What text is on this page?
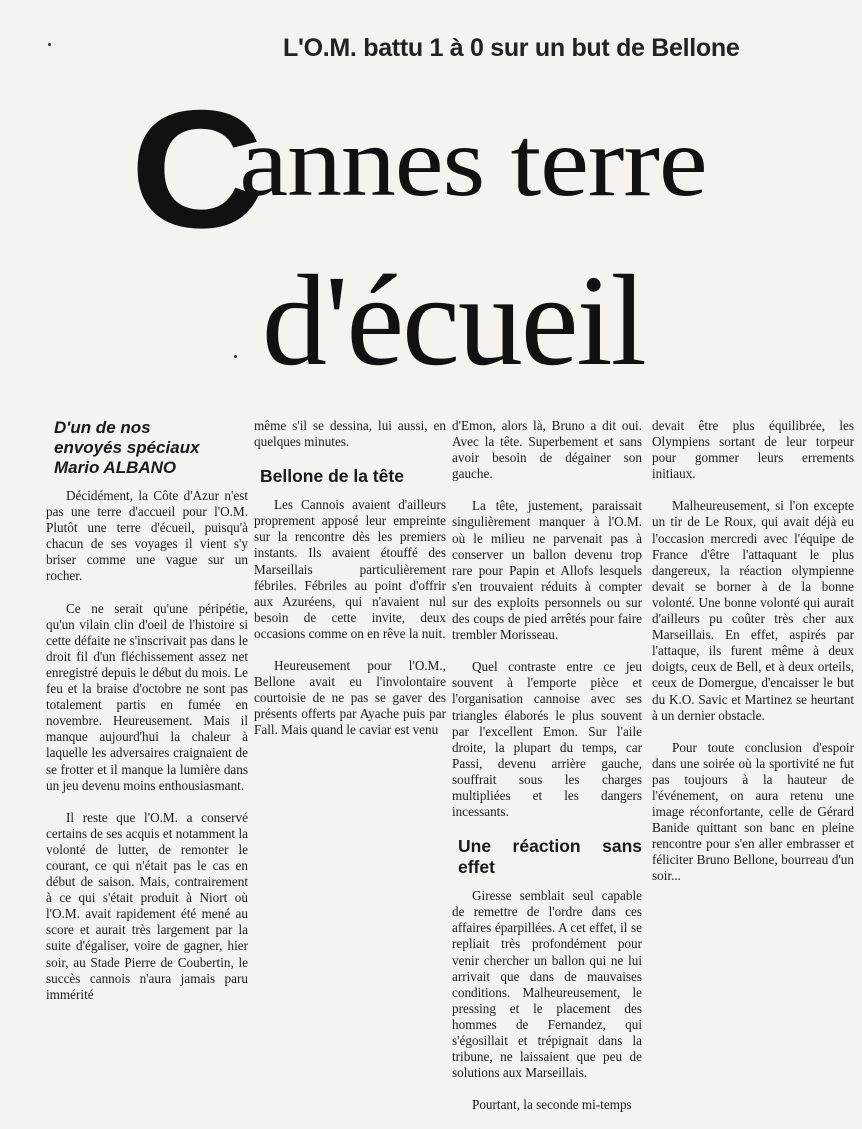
L'O.M. battu 1 à 0 sur un but de Bellone
Cannes terre
d'écueil
D'un de nos
envoyés spéciaux
Mario ALBANO

Décidément, la Côte d'Azur n'est pas une terre d'accueil pour l'O.M. Plutôt une terre d'écueil, puisqu'à chacun de ses voyages il vient s'y briser comme une vague sur un rocher.

Ce ne serait qu'une péripétie, qu'un vilain clin d'oeil de l'histoire si cette défaite ne s'inscrivait pas dans le droit fil d'un fléchissement assez net enregistré depuis le début du mois. Le feu et la braise d'octobre ne sont pas totalement partis en fumée en novembre. Heureusement. Mais il manque aujourd'hui la chaleur à laquelle les adversaires craignaient de se frotter et il manque la lumière dans un jeu devenu moins enthousiasmant.

Il reste que l'O.M. a conservé certains de ses acquis et notamment la volonté de lutter, de remonter le courant, ce qui n'était pas le cas en début de saison. Mais, contrairement à ce qui s'était produit à Niort où l'O.M. avait rapidement été mené au score et aurait très largement par la suite d'égaliser, voire de gagner, hier soir, au Stade Pierre de Coubertin, le succès cannois n'aura jamais paru immérité

même s'il se dessina, lui aussi, en quelques minutes.

Bellone de la tête

Les Cannois avaient d'ailleurs proprement apposé leur empreinte sur la rencontre dès les premiers instants. Ils avaient étouffé des Marseillais particulièrement fébriles. Fébriles au point d'offrir aux Azuréens, qui n'avaient nul besoin de cette invite, deux occasions comme on en rêve la nuit.

Heureusement pour l'O.M., Bellone avait eu l'involontaire courtoisie de ne pas se gaver des présents offerts par Ayache puis par Fall. Mais quand le caviar est venu

d'Emon, alors là, Bruno a dit oui. Avec la tête. Superbement et sans avoir besoin de dégainer son gauche.

La tête, justement, paraissait singulièrement manquer à l'O.M. où le milieu ne parvenait pas à conserver un ballon devenu trop rare pour Papin et Allofs lesquels s'en trouvaient réduits à compter sur des exploits personnels ou sur des coups de pied arrêtés pour faire trembler Morisseau.

Quel contraste entre ce jeu souvent à l'emporte pièce et l'organisation cannoise avec ses triangles élaborés le plus souvent par l'excellent Emon. Sur l'aile droite, la plupart du temps, car Passi, devenu arrière gauche, souffrait sous les charges multipliées et les dangers incessants.

Une réaction sans effet

Giresse semblait seul capable de remettre de l'ordre dans ces affaires éparpillées. A cet effet, il se repliait très profondément pour venir chercher un ballon qui ne lui arrivait que dans de mauvaises conditions. Malheureusement, le pressing et le placement des hommes de Fernandez, qui s'égosillait et trépignait dans la tribune, ne laissaient que peu de solutions aux Marseillais.

Pourtant, la seconde mi-temps

devait être plus équilibrée, les Olympiens sortant de leur torpeur pour gommer leurs errements initiaux.

Malheureusement, si l'on excepte un tir de Le Roux, qui avait déjà eu l'occasion mercredi avec l'équipe de France d'être l'attaquant le plus dangereux, la réaction olympienne devait se borner à de la bonne volonté. Une bonne volonté qui aurait d'ailleurs pu coûter très cher aux Marseillais. En effet, aspirés par l'attaque, ils furent même à deux doigts, ceux de Bell, et à deux orteils, ceux de Domergue, d'encaisser le but du K.O. Savic et Martinez se heurtant à un dernier obstacle.

Pour toute conclusion d'espoir dans une soirée où la sportivité ne fut pas toujours à la hauteur de l'événement, on aura retenu une image réconfortante, celle de Gérard Banide quittant son banc en pleine rencontre pour s'en aller embrasser et féliciter Bruno Bellone, bourreau d'un soir...
